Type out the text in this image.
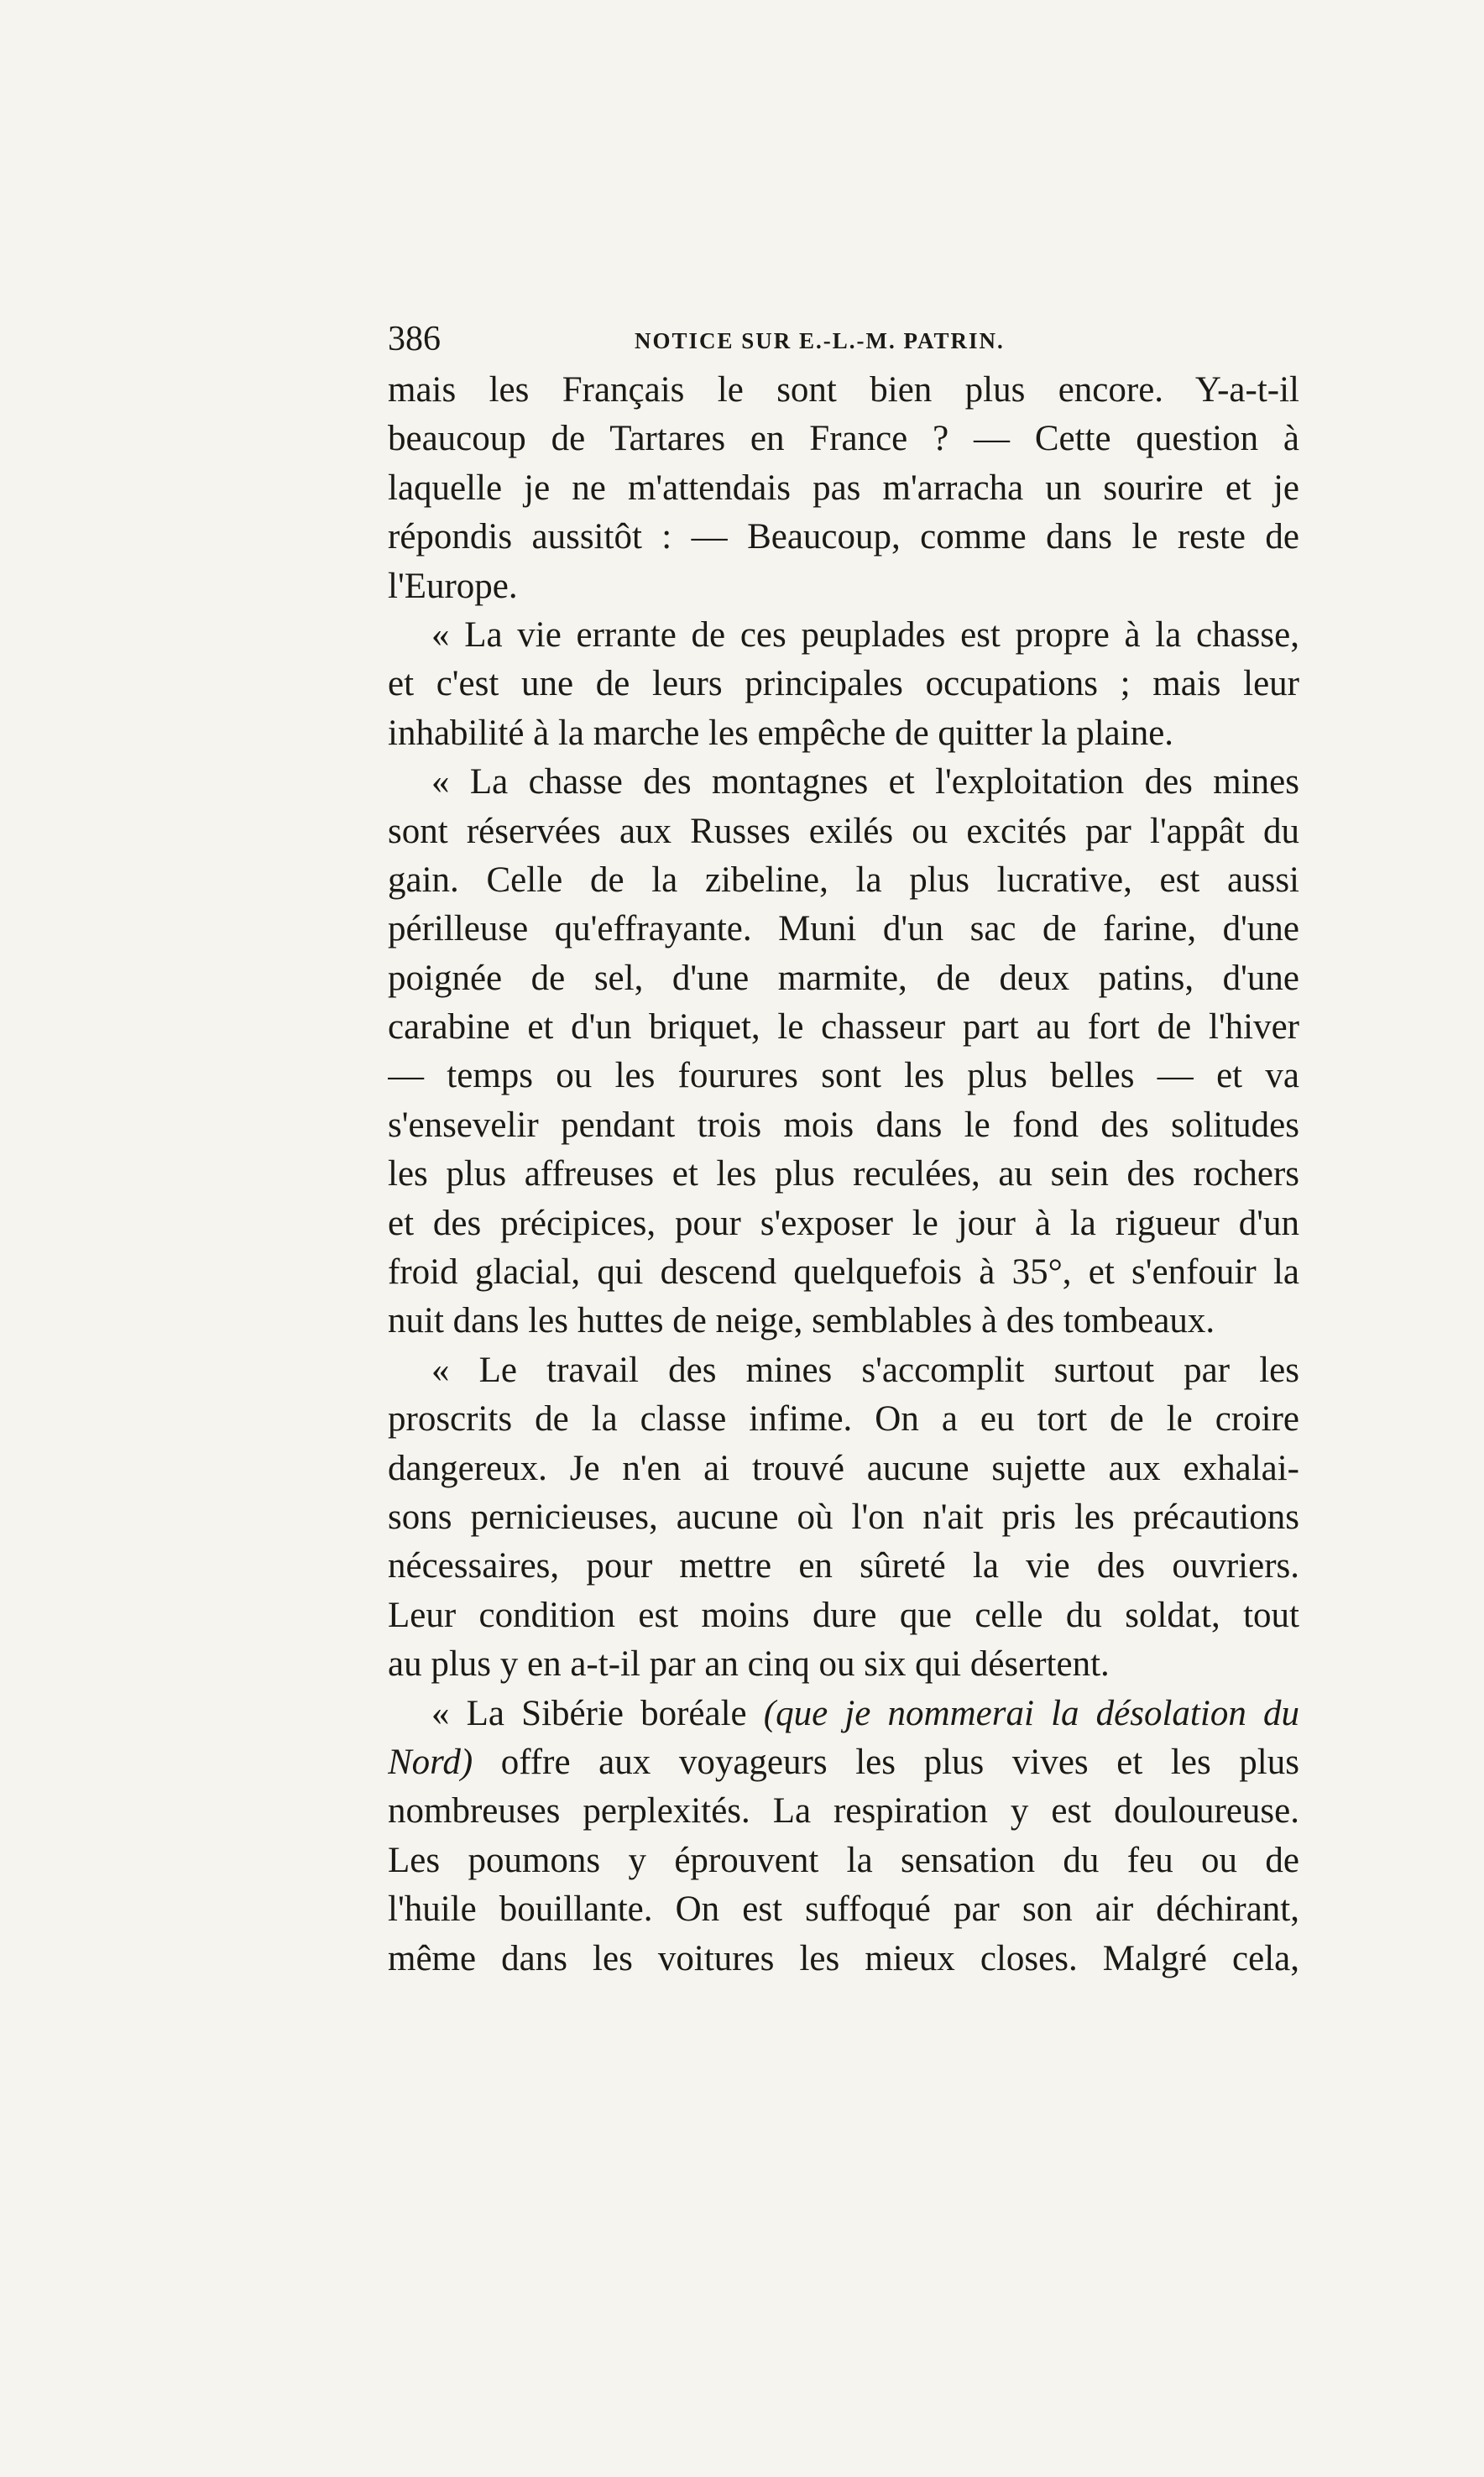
386	NOTICE SUR E.-L.-M. PATRIN.
mais les Français le sont bien plus encore. Y-a-t-il
beaucoup de Tartares en France ? — Cette question à
laquelle je ne m'attendais pas m'arracha un sourire et je
répondis aussitôt : — Beaucoup, comme dans le reste de
l'Europe.
« La vie errante de ces peuplades est propre à la chasse,
et c'est une de leurs principales occupations ; mais leur
inhabilité à la marche les empêche de quitter la plaine.
« La chasse des montagnes et l'exploitation des mines
sont réservées aux Russes exilés ou excités par l'appât du
gain. Celle de la zibeline, la plus lucrative, est aussi
périlleuse qu'effrayante. Muni d'un sac de farine, d'une
poignée de sel, d'une marmite, de deux patins, d'une
carabine et d'un briquet, le chasseur part au fort de l'hiver
— temps ou les fourures sont les plus belles — et va
s'ensevelir pendant trois mois dans le fond des solitudes
les plus affreuses et les plus reculées, au sein des rochers
et des précipices, pour s'exposer le jour à la rigueur d'un
froid glacial, qui descend quelquefois à 35°, et s'enfouir la
nuit dans les huttes de neige, semblables à des tombeaux.
« Le travail des mines s'accomplit surtout par les
proscrits de la classe infime. On a eu tort de le croire
dangereux. Je n'en ai trouvé aucune sujette aux exhalai-
sons pernicieuses, aucune où l'on n'ait pris les précautions
nécessaires, pour mettre en sûreté la vie des ouvriers.
Leur condition est moins dure que celle du soldat, tout
au plus y en a-t-il par an cinq ou six qui désertent.
« La Sibérie boréale (que je nommerai la désolation du
Nord) offre aux voyageurs les plus vives et les plus
nombreuses perplexités. La respiration y est douloureuse.
Les poumons y éprouvent la sensation du feu ou de
l'huile bouillante. On est suffoqué par son air déchirant,
même dans les voitures les mieux closes. Malgré cela,
